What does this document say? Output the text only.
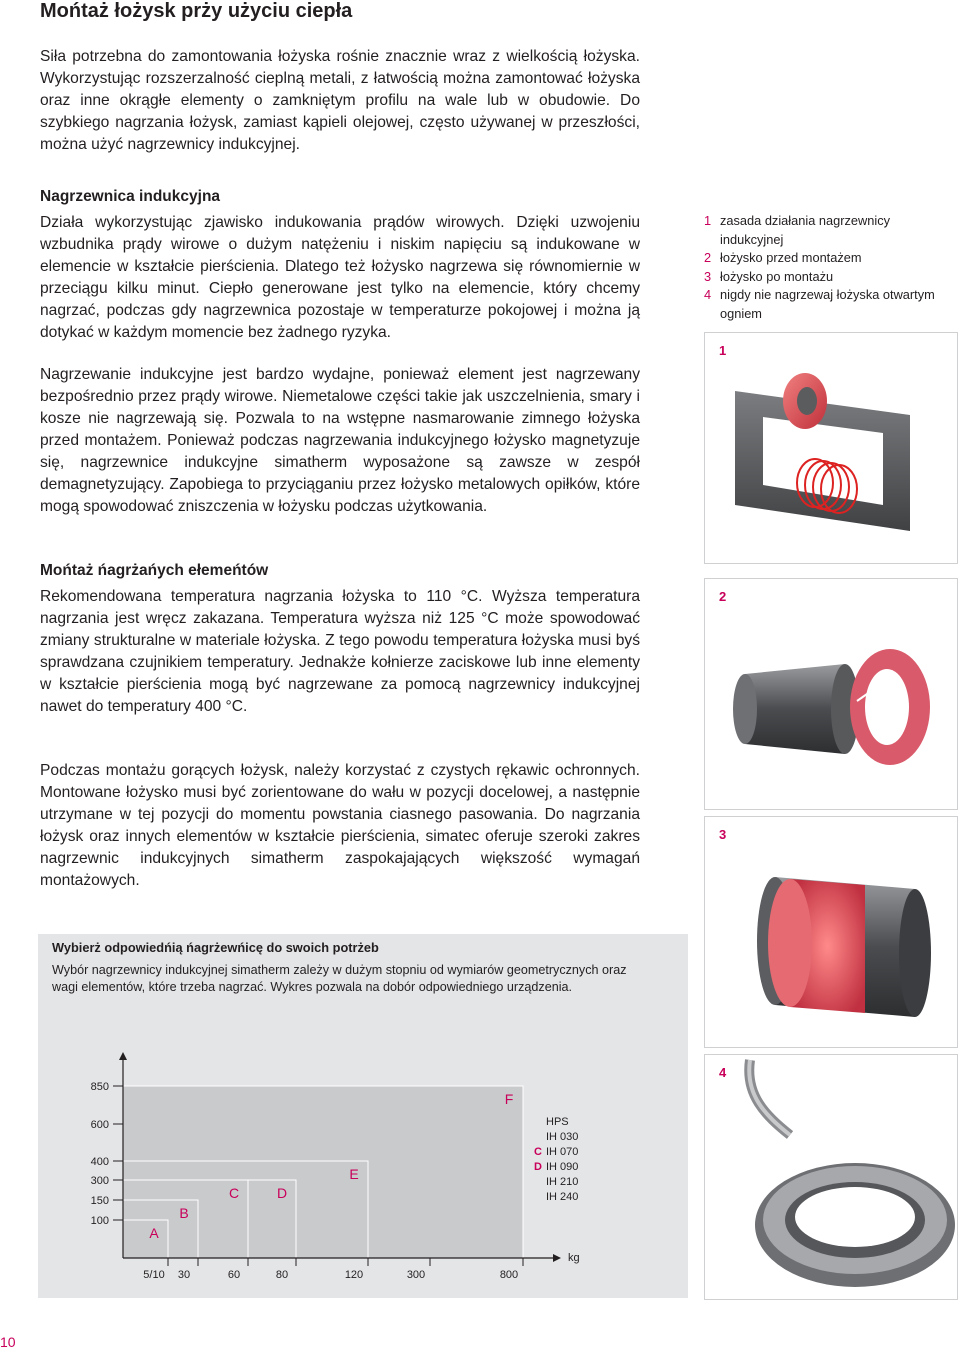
Mońtaż łożysk prży użyciu ciepła
Siła potrzebna do zamontowania łożyska rośnie znacznie wraz z wielkością łożyska. Wykorzystując rozszerzalność cieplną metali, z łatwością można zamontować łożyska oraz inne okrągłe elementy o zamkniętym profilu na wale lub w obudowie. Do szybkiego nagrzania łożysk, zamiast kąpieli olejowej, często używanej w przeszłości, można użyć nagrzewnicy indukcyjnej.
Nagrzewnica indukcyjna
Działa wykorzystując zjawisko indukowania prądów wirowych. Dzięki uzwojeniu wzbudnika prądy wirowe o dużym natężeniu i niskim napięciu są indukowane w elemencie w kształcie pierścienia. Dlatego też łożysko nagrzewa się równomiernie w przeciągu kilku minut. Ciepło generowane jest tylko na elemencie, który chcemy nagrzać, podczas gdy nagrzewnica pozostaje w temperaturze pokojowej i można ją dotykać w każdym momencie bez żadnego ryzyka.
Nagrzewanie indukcyjne jest bardzo wydajne, ponieważ element jest nagrzewany bezpośrednio przez prądy wirowe. Niemetalowe części takie jak uszczelnienia, smary i kosze nie nagrzewają się. Pozwala to na wstępne nasmarowanie zimnego łożyska przed montażem. Ponieważ podczas nagrzewania indukcyjnego łożysko magnetyzuje się, nagrzewnice indukcyjne simatherm wyposażone są zawsze w zespół demagnetyzujący. Zapobiega to przyciąganiu przez łożysko metalowych opiłków, które mogą spowodować zniszczenia w łożysku podczas użytkowania.
Mońtaż ńagrżańych ełemeńtów
Rekomendowana temperatura nagrzania łożyska to 110 °C. Wyższa temperatura nagrzania jest wręcz zakazana. Temperatura wyższa niż 125 °C może spowodować zmiany strukturalne w materiale łożyska. Z tego powodu temperatura łożyska musi byś sprawdzana czujnikiem temperatury. Jednakże kołnierze zaciskowe lub inne elementy w kształcie pierścienia mogą być nagrzewane za pomocą nagrzewnicy indukcyjnej nawet do temperatury 400 °C.
Podczas montażu gorących łożysk, należy korzystać z czystych rękawic ochronnych. Montowane łożysko musi być zorientowane do wału w pozycji docelowej, a następnie utrzymane w tej pozycji do momentu powstania ciasnego pasowania. Do nagrzania łożysk oraz innych elementów w kształcie pierścienia, simatec oferuje szeroki zakres nagrzewnic indukcyjnych simatherm zaspokajających większość wymagań montażowych.
1 zasada działania nagrzewnicy indukcyjnej
2 łożysko przed montażem
3 łożysko po montażu
4 nigdy nie nagrzewaj łożyska otwartym ogniem
1
2
3
4
Wybierż odpowiedńią ńagrżewńicę do swoich potrżeb
Wybór nagrzewnicy indukcyjnej simatherm zależy w dużym stopniu od wymiarów geometrycznych oraz wagi elementów, które trzeba nagrzać. Wykres pozwala na dobór odpowiedniego urządzenia.
850
600
400
300
150
100
5/10 30	60	80	120	300	800
kg
A
B
C	D
E
F
HPS
IH 030
C IH 070
D IH 090
IH 210
IH 240
10
